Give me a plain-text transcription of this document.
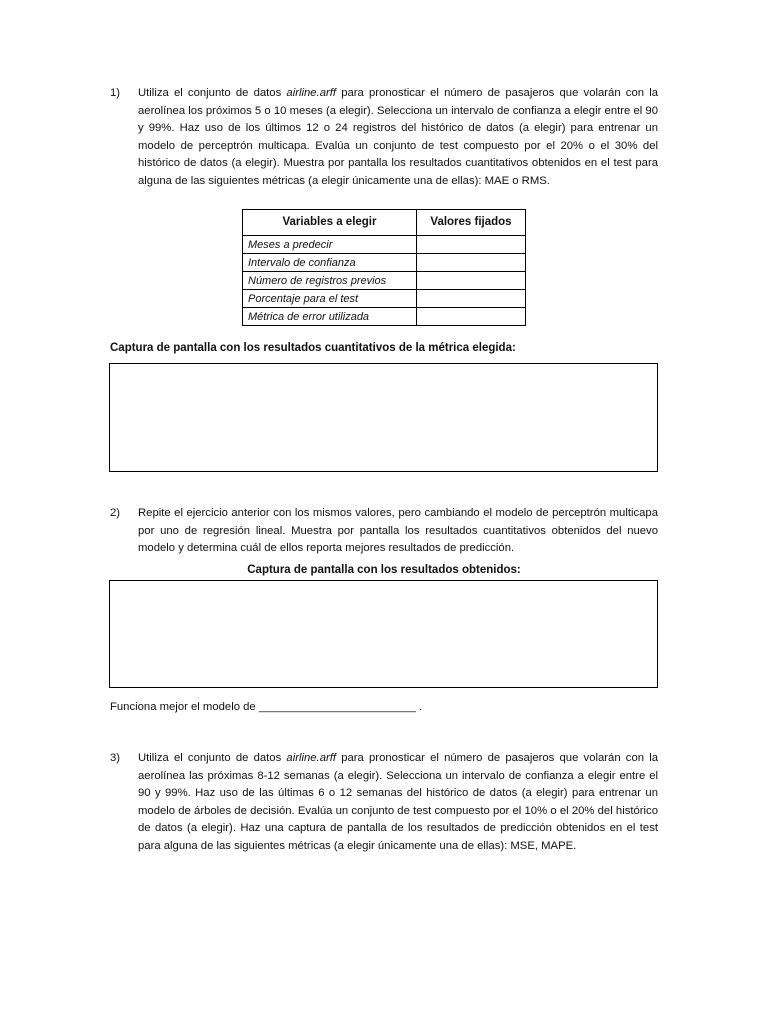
1)	Utiliza el conjunto de datos airline.arff para pronosticar el número de pasajeros que volarán con la aerolínea los próximos 5 o 10 meses (a elegir). Selecciona un intervalo de confianza a elegir entre el 90 y 99%. Haz uso de los últimos 12 o 24 registros del histórico de datos (a elegir) para entrenar un modelo de perceptrón multicapa. Evalúa un conjunto de test compuesto por el 20% o el 30% del histórico de datos (a elegir). Muestra por pantalla los resultados cuantitativos obtenidos en el test para alguna de las siguientes métricas (a elegir únicamente una de ellas): MAE o RMS.
Variables a elegir	Valores fijados
Meses a predecir	
Intervalo de confianza	
Número de registros previos	
Porcentaje para el test	
Métrica de error utilizada	
Captura de pantalla con los resultados cuantitativos de la métrica elegida:
2)	Repite el ejercicio anterior con los mismos valores, pero cambiando el modelo de perceptrón multicapa por uno de regresión lineal. Muestra por pantalla los resultados cuantitativos obtenidos del nuevo modelo y determina cuál de ellos reporta mejores resultados de predicción.
Captura de pantalla con los resultados obtenidos:
Funciona mejor el modelo de _________________________ .
3)	Utiliza el conjunto de datos airline.arff para pronosticar el número de pasajeros que volarán con la aerolínea las próximas 8-12 semanas (a elegir). Selecciona un intervalo de confianza a elegir entre el 90 y 99%. Haz uso de las últimas 6 o 12 semanas del histórico de datos (a elegir) para entrenar un modelo de árboles de decisión. Evalúa un conjunto de test compuesto por el 10% o el 20% del histórico de datos (a elegir). Haz una captura de pantalla de los resultados de predicción obtenidos en el test para alguna de las siguientes métricas (a elegir únicamente una de ellas): MSE, MAPE.
